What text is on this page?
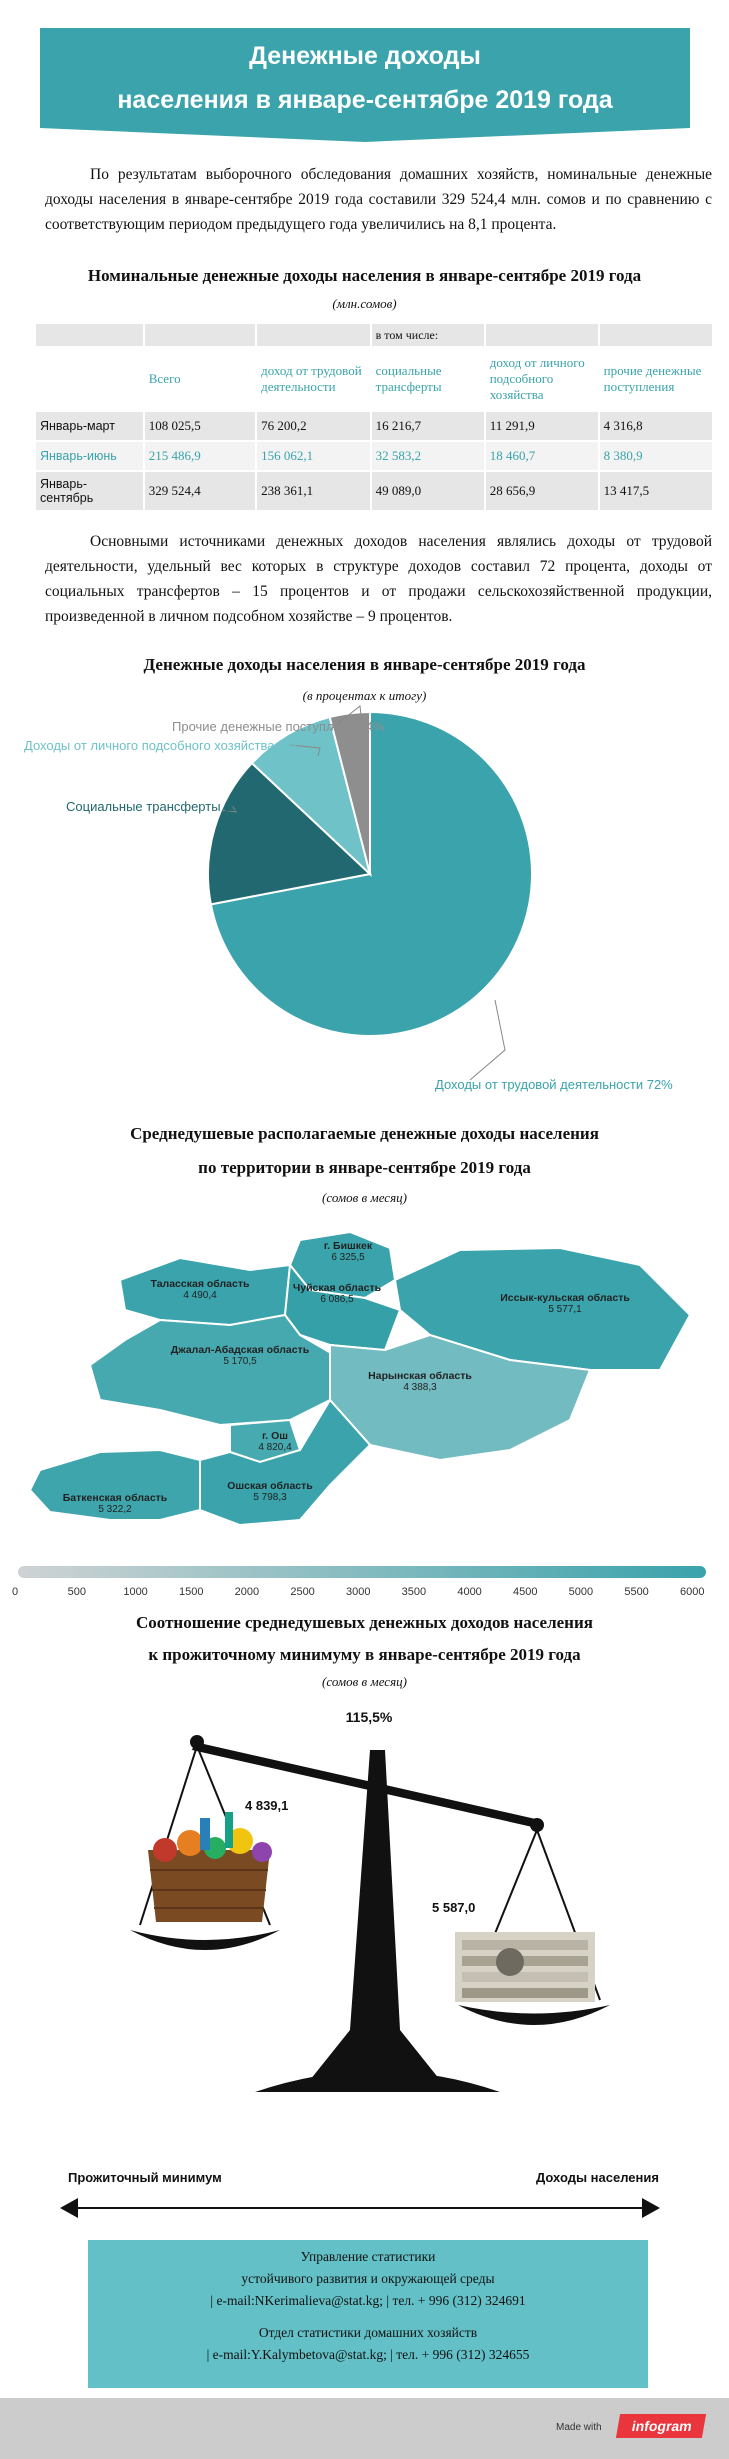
Денежные доходы
населения в январе-сентябре 2019 года
По результатам выборочного обследования домашних хозяйств, номинальные денежные доходы населения в январе-сентябре 2019 года составили 329 524,4 млн. сомов и по сравнению с соответствующим периодом предыдущего года увеличились на 8,1 процента.
Номинальные денежные доходы населения в январе-сентябре 2019 года
(млн.сомов)
			в том числе:		
	Всего	доход от трудовой деятельности	социальные трансферты	доход от личного подсобного хозяйства	прочие денежные поступления
Январь-март	108 025,5	76 200,2	16 216,7	11 291,9	4 316,8
Январь-июнь	215 486,9	156 062,1	32 583,2	18 460,7	8 380,9
Январь-сентябрь	329 524,4	238 361,1	49 089,0	28 656,9	13 417,5
Основными источниками денежных доходов населения являлись доходы от трудовой деятельности, удельный вес которых в структуре доходов составил 72 процента, доходы от социальных трансфертов – 15 процентов и от продажи сельскохозяйственной продукции, произведенной в личном подсобном хозяйстве – 9 процентов.
Денежные доходы населения в январе-сентябре 2019 года
(в процентах к итогу)
Доходы от трудовой деятельности 72%
Социальные трансферты 15%
Доходы от личного подсобного хозяйства 9%
Прочие денежные поступления 4%
Среднедушевые располагаемые денежные доходы населения
по территории в январе-сентябре 2019 года
(сомов в месяц)
г. Бишкек
6 325,5
Таласская область
4 490,4
Чуйская область
6 086,5	Иссык-кульская область
5 577,1
Джалал-Абадская область
5 170,5
Нарынская область
4 388,3
г. Ош
4 820,4
Ошская область
5 798,3
Баткенская область
5 322,2
0	500	1000	1500	2000	2500	3000	3500	4000	4500	5000	5500	6000
Соотношение среднедушевых денежных доходов населения
к прожиточному минимуму в январе-сентябре 2019 года
(сомов в месяц)
115,5%
4 839,1
5 587,0
Прожиточный минимум	Доходы населения
Управление статистики
устойчивого развития и окружающей среды
| e-mail:NKerimalieva@stat.kg; | тел. + 996 (312) 324691
Отдел статистики домашних хозяйств
| e-mail:Y.Kalymbetova@stat.kg; | тел. + 996 (312) 324655
Made with	infogram
